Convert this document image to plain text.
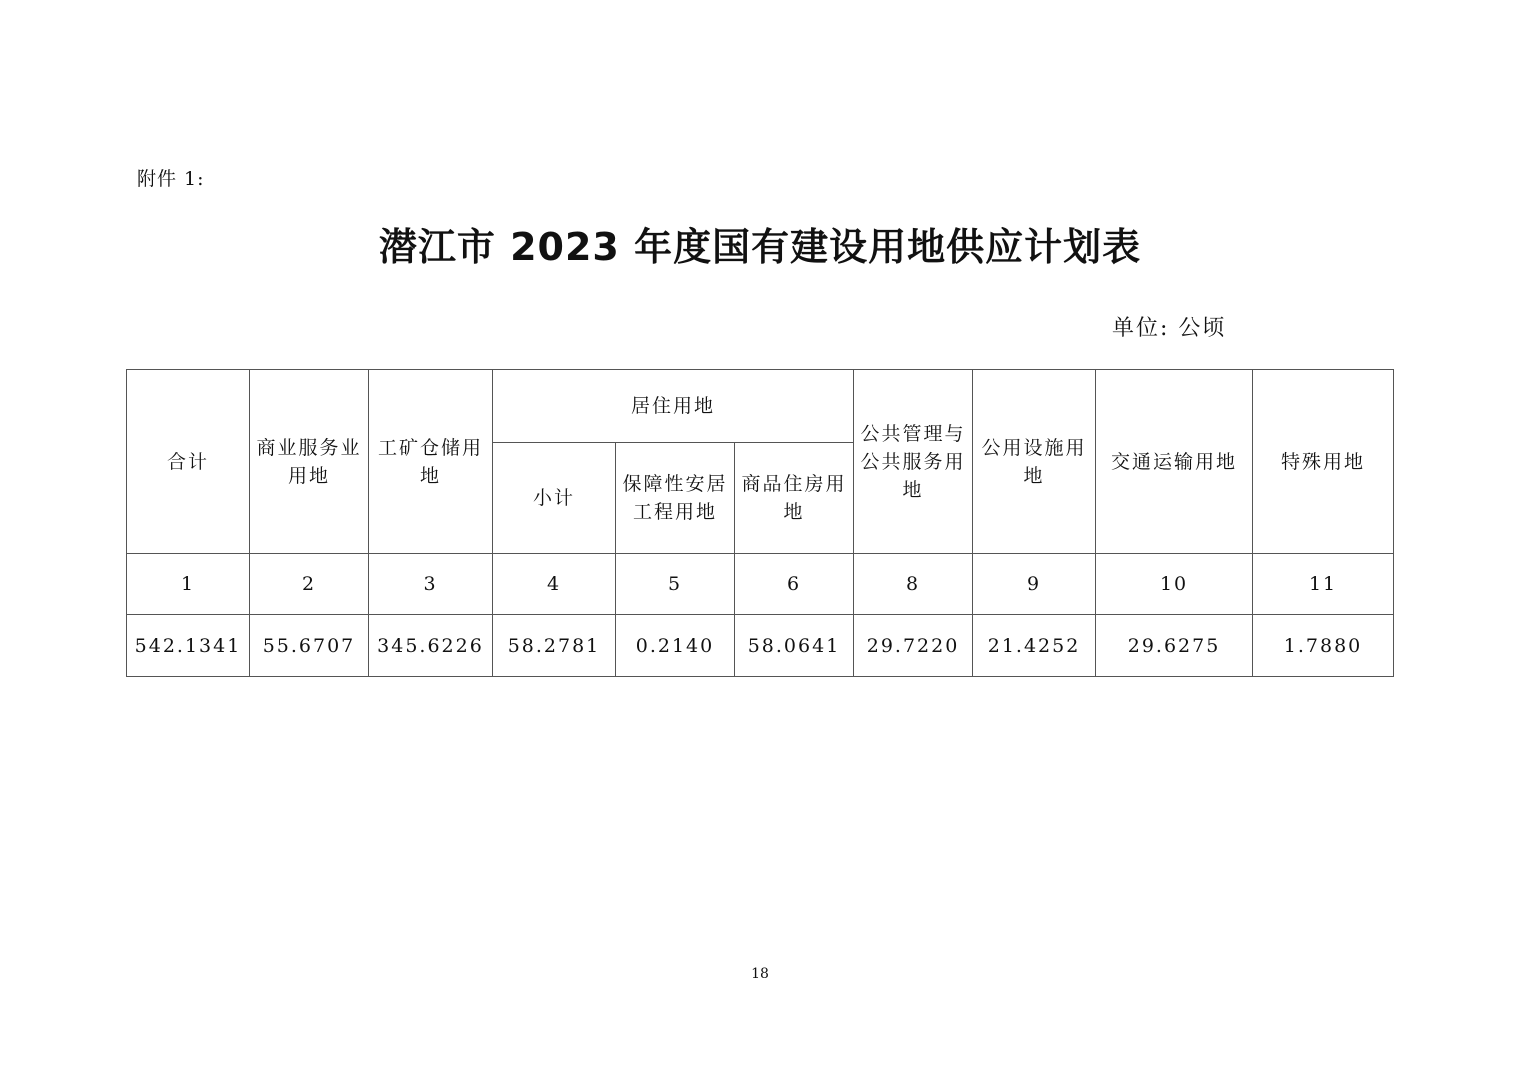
附件 1:
潜江市 2023 年度国有建设用地供应计划表
单位: 公顷
合计	商业服务业用地	工矿仓储用地	居住用地			公共管理与公共服务用地	公用设施用地	交通运输用地	特殊用地
			小计	保障性安居工程用地	商品住房用地				
1	2	3	4	5	6	8	9	10	11
542.1341	55.6707	345.6226	58.2781	0.2140	58.0641	29.7220	21.4252	29.6275	1.7880
18
